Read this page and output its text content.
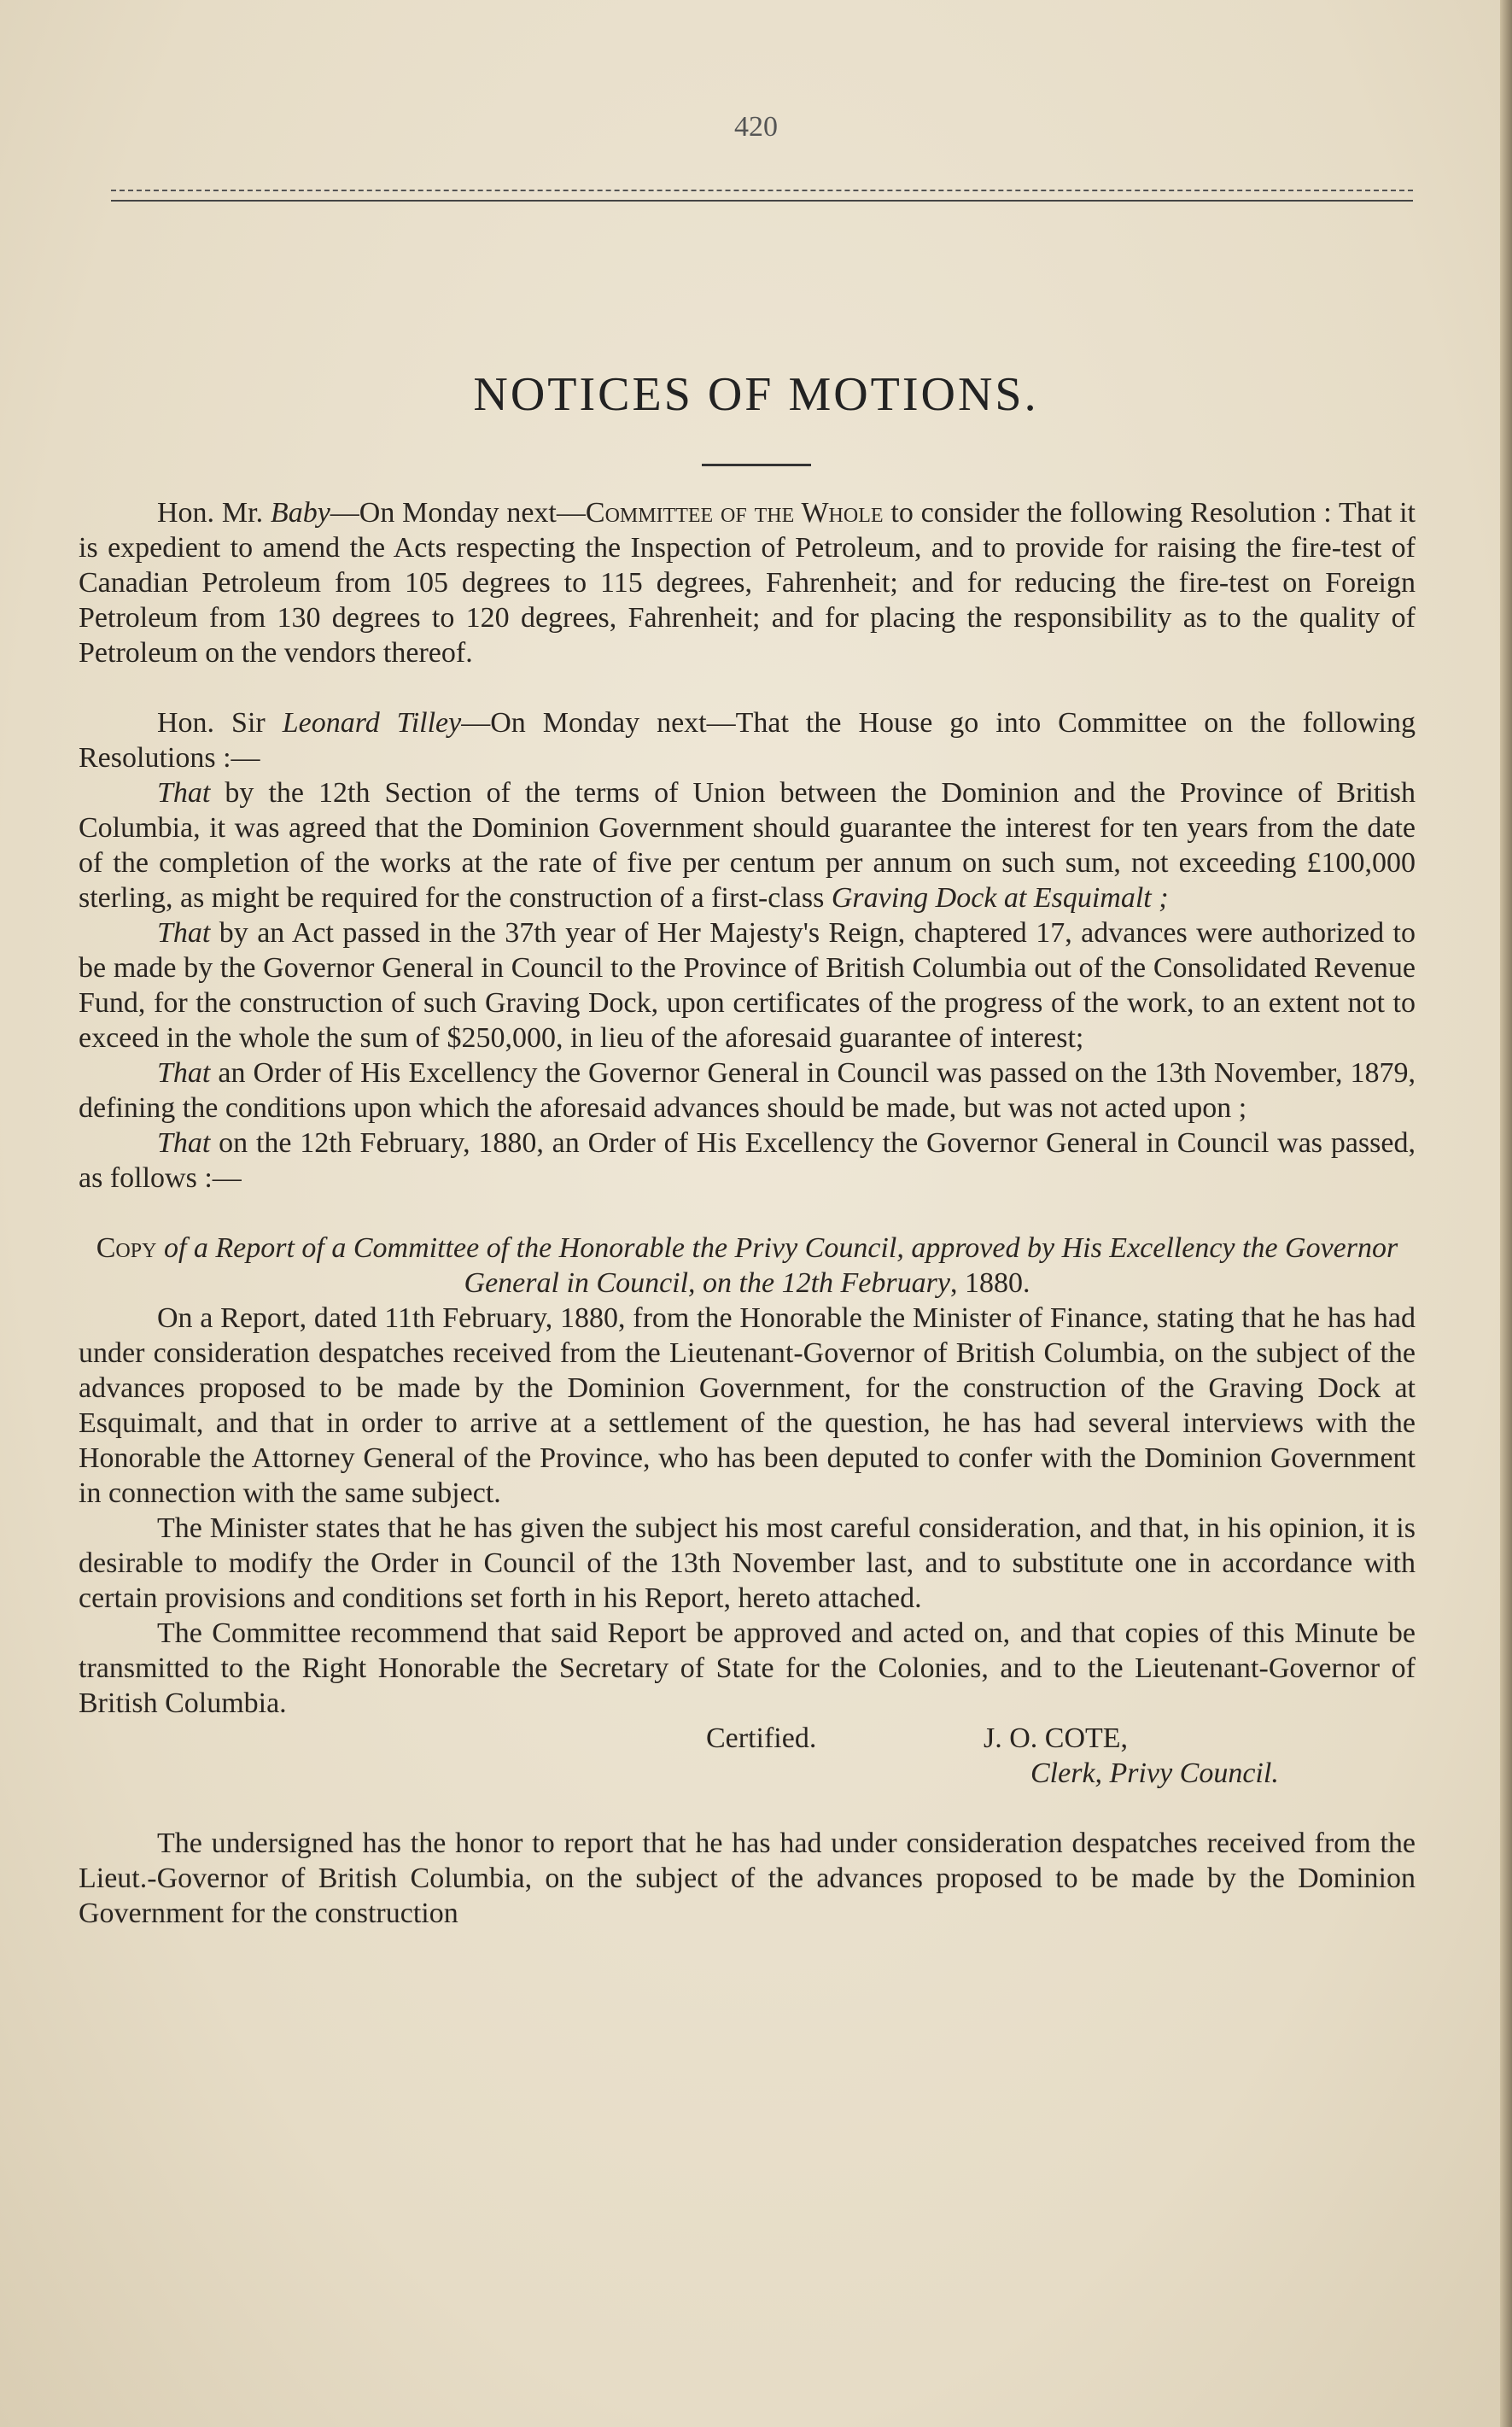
420
NOTICES OF MOTIONS.

Hon. Mr. Baby—On Monday next—Committee of the Whole to consider the following Resolution : That it is expedient to amend the Acts respecting the Inspection of Petroleum, and to provide for raising the fire-test of Canadian Petroleum from 105 degrees to 115 degrees, Fahrenheit; and for reducing the fire-test on Foreign Petroleum from 130 degrees to 120 degrees, Fahrenheit; and for placing the responsibility as to the quality of Petroleum on the vendors thereof.

Hon. Sir Leonard Tilley—On Monday next—That the House go into Committee on the following Resolutions :—

That by the 12th Section of the terms of Union between the Dominion and the Province of British Columbia, it was agreed that the Dominion Government should guarantee the interest for ten years from the date of the completion of the works at the rate of five per centum per annum on such sum, not exceeding £100,000 sterling, as might be required for the construction of a first-class Graving Dock at Esquimalt ;

That by an Act passed in the 37th year of Her Majesty's Reign, chaptered 17, advances were authorized to be made by the Governor General in Council to the Province of British Columbia out of the Consolidated Revenue Fund, for the construction of such Graving Dock, upon certificates of the progress of the work, to an extent not to exceed in the whole the sum of $250,000, in lieu of the aforesaid guarantee of interest;

That an Order of His Excellency the Governor General in Council was passed on the 13th November, 1879, defining the conditions upon which the aforesaid advances should be made, but was not acted upon ;

That on the 12th February, 1880, an Order of His Excellency the Governor General in Council was passed, as follows :—

Copy of a Report of a Committee of the Honorable the Privy Council, approved by His Excellency the Governor General in Council, on the 12th February, 1880.

On a Report, dated 11th February, 1880, from the Honorable the Minister of Finance, stating that he has had under consideration despatches received from the Lieutenant-Governor of British Columbia, on the subject of the advances proposed to be made by the Dominion Government, for the construction of the Graving Dock at Esquimalt, and that in order to arrive at a settlement of the question, he has had several interviews with the Honorable the Attorney General of the Province, who has been deputed to confer with the Dominion Government in connection with the same subject.

The Minister states that he has given the subject his most careful consideration, and that, in his opinion, it is desirable to modify the Order in Council of the 13th November last, and to substitute one in accordance with certain provisions and conditions set forth in his Report, hereto attached.

The Committee recommend that said Report be approved and acted on, and that copies of this Minute be transmitted to the Right Honorable the Secretary of State for the Colonies, and to the Lieutenant-Governor of British Columbia.

Certified.	J. O. COTE,
Clerk, Privy Council.

The undersigned has the honor to report that he has had under consideration despatches received from the Lieut.-Governor of British Columbia, on the subject of the advances proposed to be made by the Dominion Government for the construction
